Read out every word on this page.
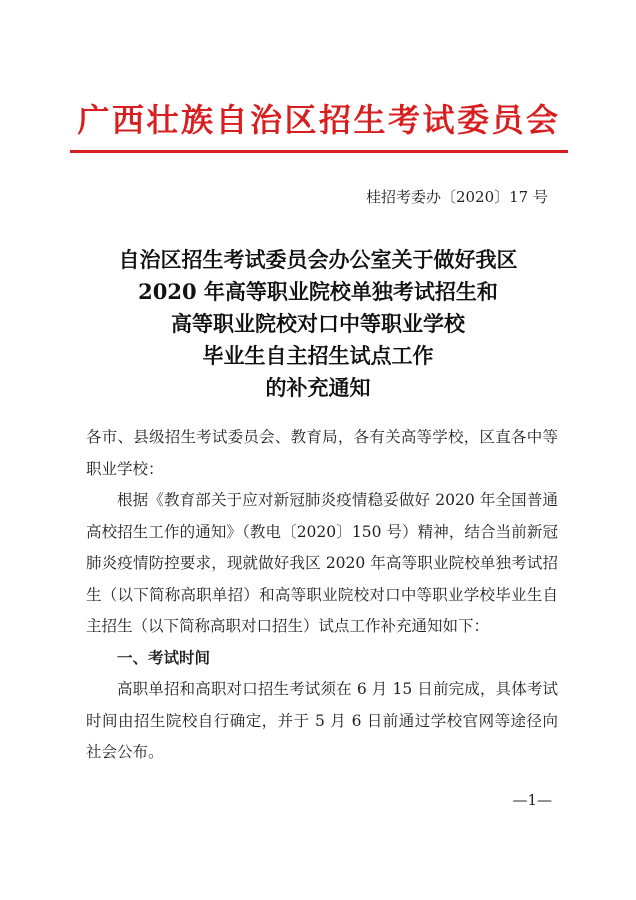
广西壮族自治区招生考试委员会
桂招考委办〔2020〕17 号
自治区招生考试委员会办公室关于做好我区
2020 年高等职业院校单独考试招生和
高等职业院校对口中等职业学校
毕业生自主招生试点工作
的补充通知

各市、县级招生考试委员会、教育局，各有关高等学校，区直各中等职业学校：

根据《教育部关于应对新冠肺炎疫情稳妥做好 2020 年全国普通高校招生工作的通知》（教电〔2020〕150 号）精神，结合当前新冠肺炎疫情防控要求，现就做好我区 2020 年高等职业院校单独考试招生（以下简称高职单招）和高等职业院校对口中等职业学校毕业生自主招生（以下简称高职对口招生）试点工作补充通知如下：

一、考试时间

高职单招和高职对口招生考试须在 6 月 15 日前完成，具体考试时间由招生院校自行确定，并于 5 月 6 日前通过学校官网等途径向社会公布。

—1—
